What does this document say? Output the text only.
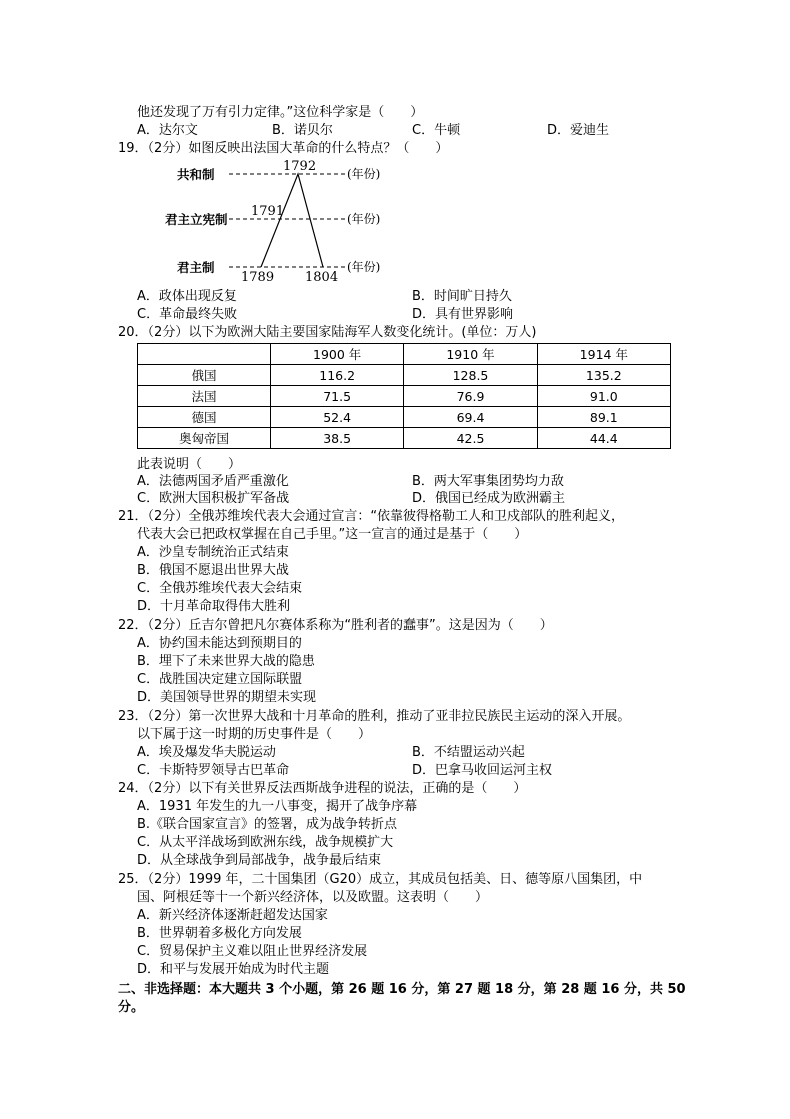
他还发现了万有引力定律。”这位科学家是（　　）
A．达尔文	B．诺贝尔	C．牛顿	D．爱迪生
19．（2分）如图反映出法国大革命的什么特点？（　　）
共和制
君主立宪制
君主制
(年份)
(年份)
(年份)
1792
1791
1789 1804
A．政体出现反复	B．时间旷日持久
C．革命最终失败	D．具有世界影响
20．（2分）以下为欧洲大陆主要国家陆海军人数变化统计。(单位：万人)
	1900 年	1910 年	1914 年
俄国	116.2	128.5	135.2
法国	71.5	76.9	91.0
德国	52.4	69.4	89.1
奥匈帝国	38.5	42.5	44.4
此表说明（　　）
A．法德两国矛盾严重激化	B．两大军事集团势均力敌
C．欧洲大国积极扩军备战	D．俄国已经成为欧洲霸主
21．（2分）全俄苏维埃代表大会通过宣言：“依靠彼得格勒工人和卫戍部队的胜利起义，
代表大会已把政权掌握在自己手里。”这一宣言的通过是基于（　　）
A．沙皇专制统治正式结束
B．俄国不愿退出世界大战
C．全俄苏维埃代表大会结束
D．十月革命取得伟大胜利
22．（2分）丘吉尔曾把凡尔赛体系称为“胜利者的蠢事”。这是因为（　　）
A．协约国未能达到预期目的
B．埋下了未来世界大战的隐患
C．战胜国决定建立国际联盟
D．美国领导世界的期望未实现
23．（2分）第一次世界大战和十月革命的胜利，推动了亚非拉民族民主运动的深入开展。
以下属于这一时期的历史事件是（　　）
A．埃及爆发华夫脱运动	B．不结盟运动兴起
C．卡斯特罗领导古巴革命	D．巴拿马收回运河主权
24．（2分）以下有关世界反法西斯战争进程的说法，正确的是（　　）
A．1931 年发生的九一八事变，揭开了战争序幕
B.《联合国家宣言》的签署，成为战争转折点
C．从太平洋战场到欧洲东线，战争规模扩大
D．从全球战争到局部战争，战争最后结束
25．（2分）1999 年，二十国集团（G20）成立，其成员包括美、日、德等原八国集团，中
国、阿根廷等十一个新兴经济体，以及欧盟。这表明（　　）
A．新兴经济体逐渐赶超发达国家
B．世界朝着多极化方向发展
C．贸易保护主义难以阻止世界经济发展
D．和平与发展开始成为时代主题
二、非选择题：本大题共 3 个小题，第 26 题 16 分，第 27 题 18 分，第 28 题 16 分，共 50
分。
